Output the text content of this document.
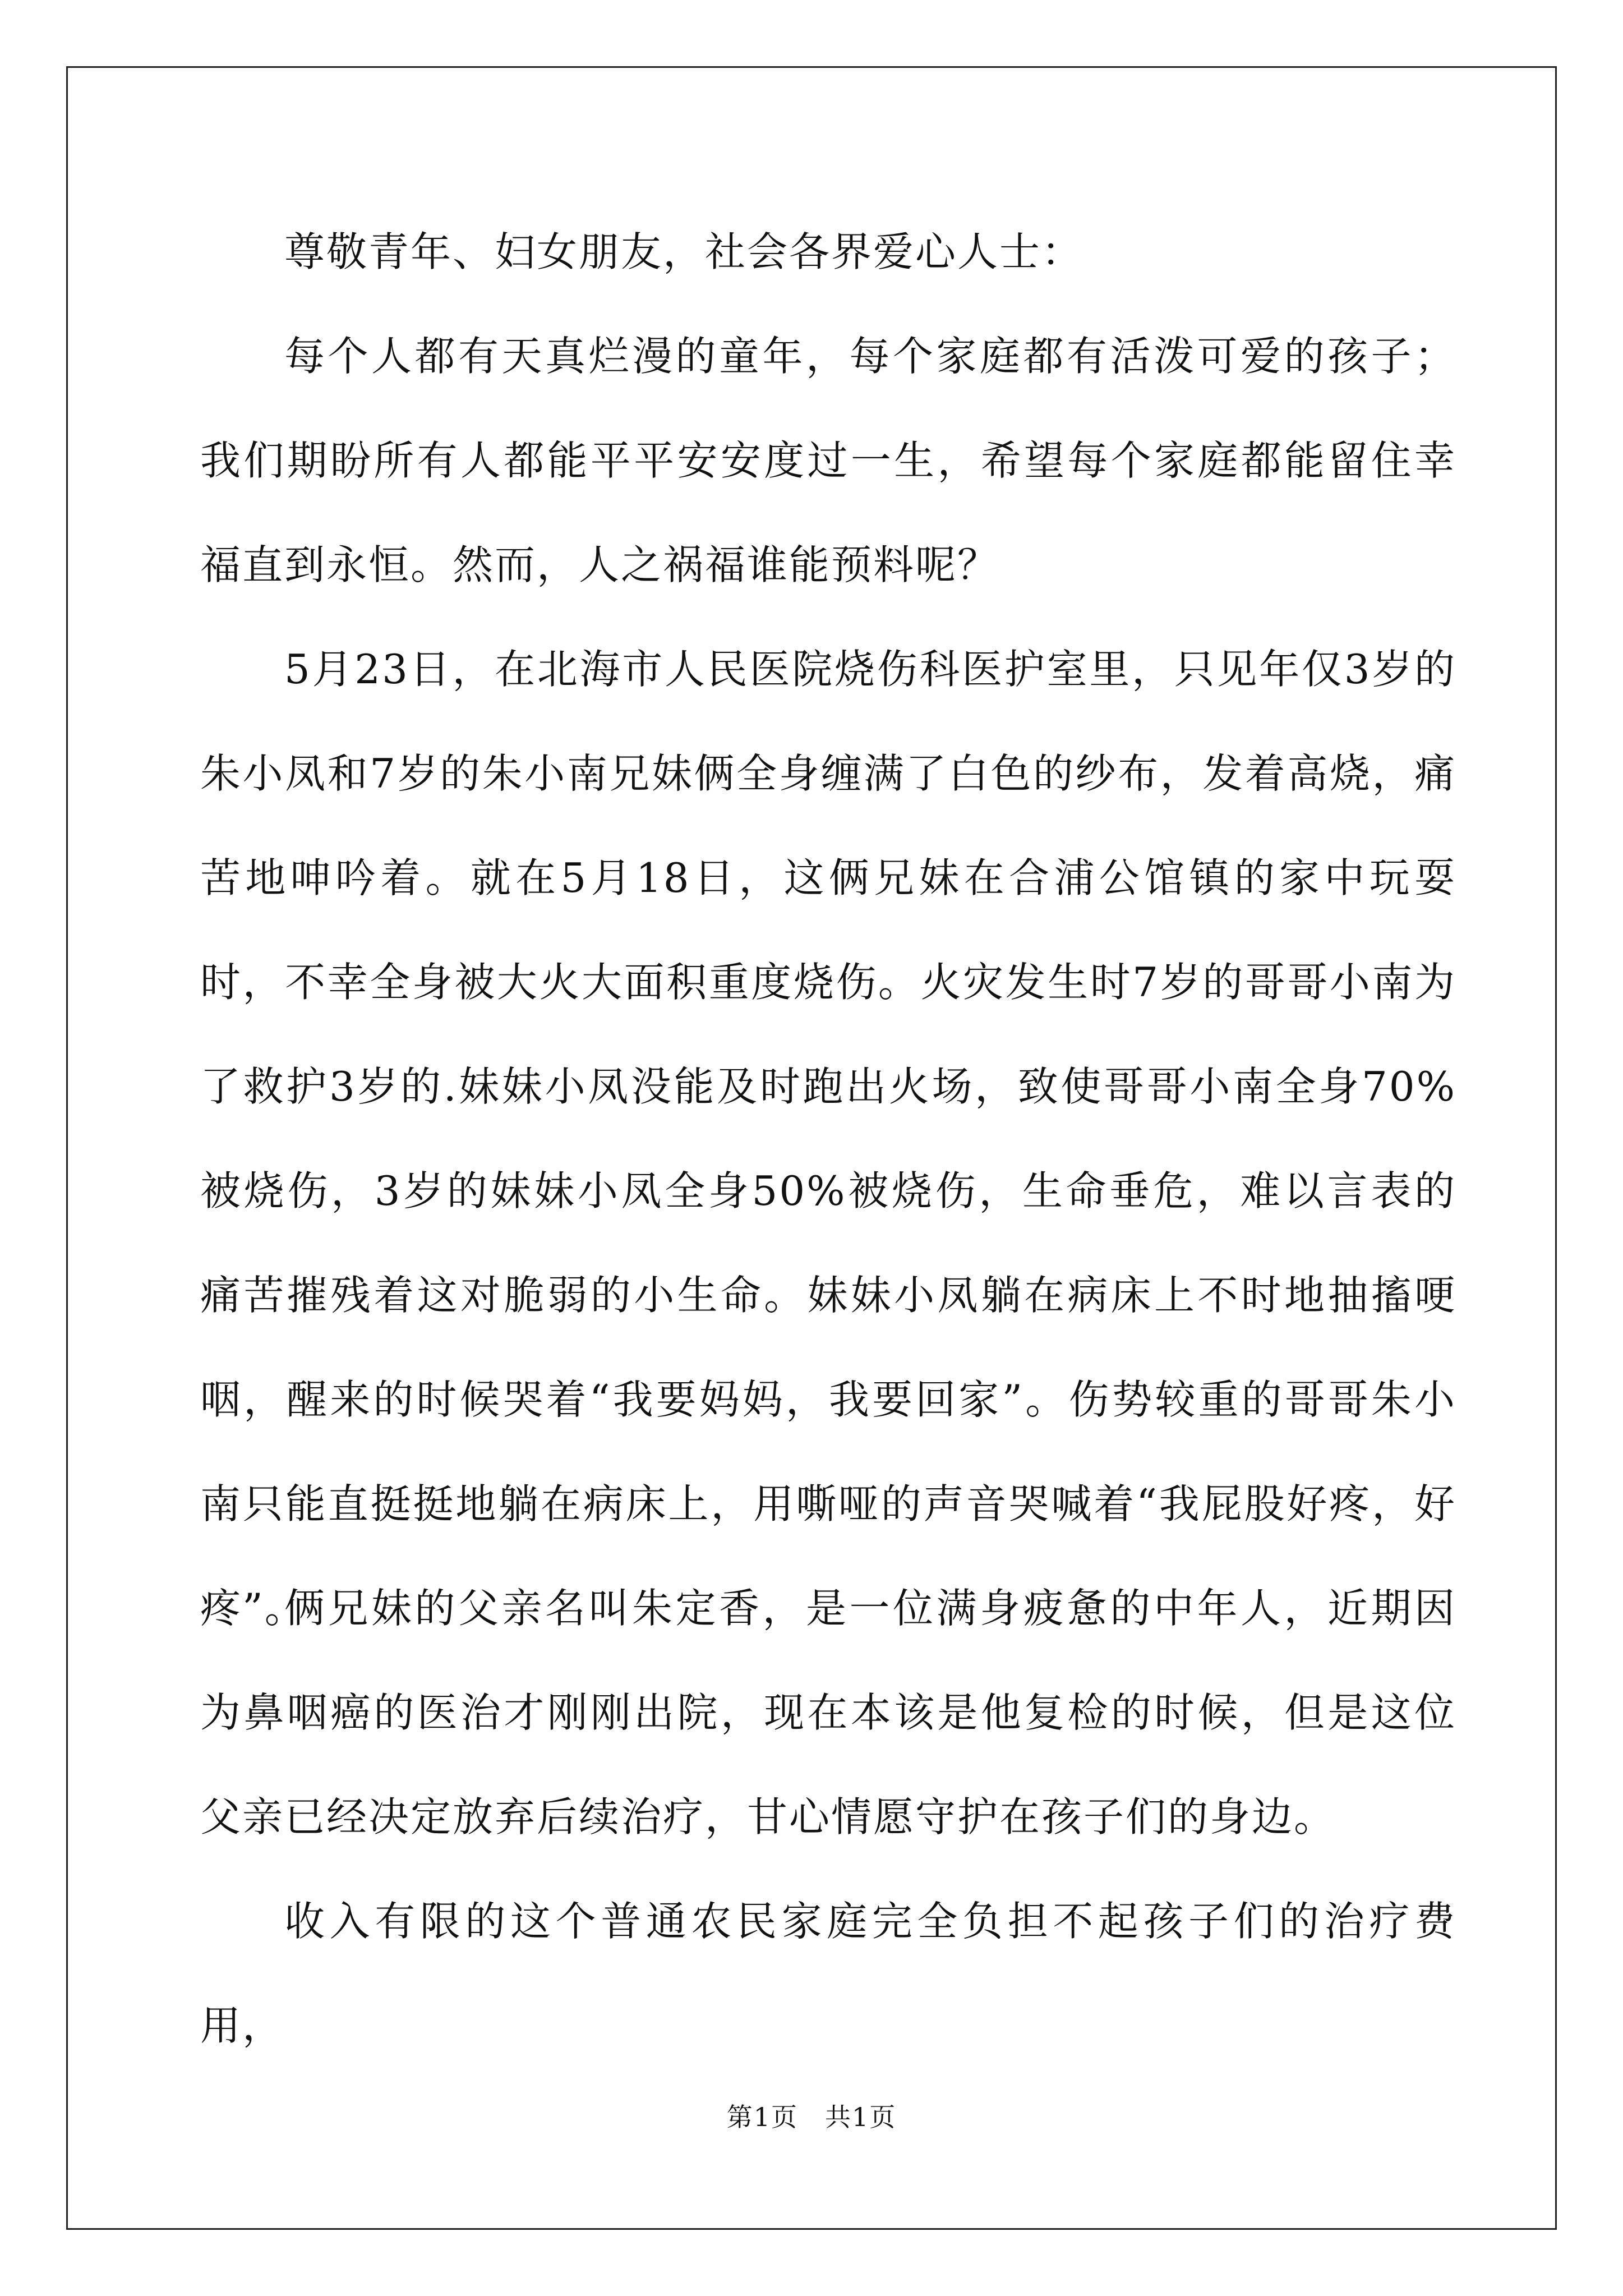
尊敬青年、妇女朋友，社会各界爱心人士：

每个人都有天真烂漫的童年，每个家庭都有活泼可爱的孩子；我们期盼所有人都能平平安安度过一生，希望每个家庭都能留住幸福直到永恒。然而，人之祸福谁能预料呢？

5月23日，在北海市人民医院烧伤科医护室里，只见年仅3岁的朱小凤和7岁的朱小南兄妹俩全身缠满了白色的纱布，发着高烧，痛苦地呻吟着。就在5月18日，这俩兄妹在合浦公馆镇的家中玩耍时，不幸全身被大火大面积重度烧伤。火灾发生时7岁的哥哥小南为了救护3岁的.妹妹小凤没能及时跑出火场，致使哥哥小南全身70%被烧伤，3岁的妹妹小凤全身50%被烧伤，生命垂危，难以言表的痛苦摧残着这对脆弱的小生命。妹妹小凤躺在病床上不时地抽搐哽咽，醒来的时候哭着“我要妈妈，我要回家”。伤势较重的哥哥朱小南只能直挺挺地躺在病床上，用嘶哑的声音哭喊着“我屁股好疼，好疼”。

俩兄妹的父亲名叫朱定香，是一位满身疲惫的中年人，近期因为鼻咽癌的医治才刚刚出院，现在本该是他复检的时候，但是这位父亲已经决定放弃后续治疗，甘心情愿守护在孩子们的身边。

收入有限的这个普通农民家庭完全负担不起孩子们的治疗费用，

第1页　共1页
